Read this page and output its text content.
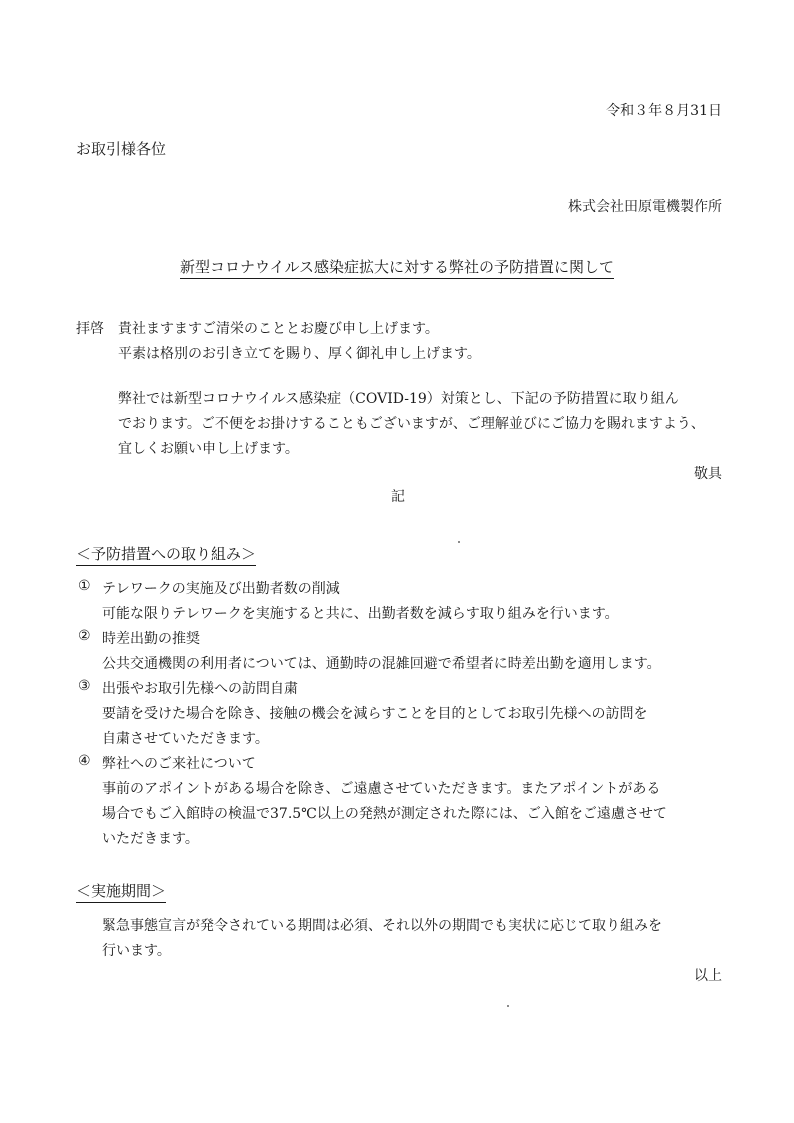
令和３年８月31日
お取引様各位
株式会社田原電機製作所
新型コロナウイルス感染症拡大に対する弊社の予防措置に関して
拝啓 貴社ますますご清栄のこととお慶び申し上げます。
平素は格別のお引き立てを賜り、厚く御礼申し上げます。
弊社では新型コロナウイルス感染症（COVID-19）対策とし、下記の予防措置に取り組ん
でおります。ご不便をお掛けすることもございますが、ご理解並びにご協力を賜れますよう、
宜しくお願い申し上げます。
敬具
記
＜予防措置への取り組み＞
① テレワークの実施及び出勤者数の削減
可能な限りテレワークを実施すると共に、出勤者数を減らす取り組みを行います。
② 時差出勤の推奨
公共交通機関の利用者については、通勤時の混雑回避で希望者に時差出勤を適用します。
③ 出張やお取引先様への訪問自粛
要請を受けた場合を除き、接触の機会を減らすことを目的としてお取引先様への訪問を
自粛させていただきます。
④ 弊社へのご来社について
事前のアポイントがある場合を除き、ご遠慮させていただきます。またアポイントがある
場合でもご入館時の検温で37.5℃以上の発熱が測定された際には、ご入館をご遠慮させて
いただきます。
＜実施期間＞
緊急事態宣言が発令されている期間は必須、それ以外の期間でも実状に応じて取り組みを
行います。
以上
